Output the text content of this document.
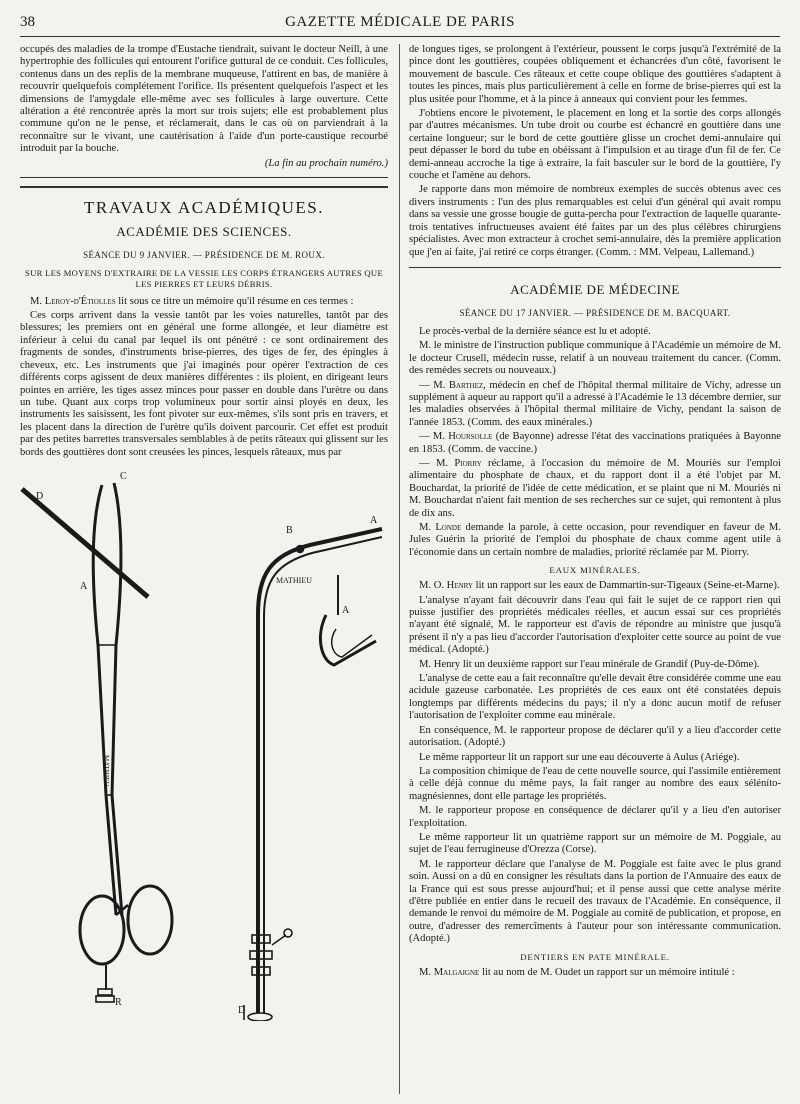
38	GAZETTE MÉDICALE DE PARIS

occupés des maladies de la trompe d'Eustache tiendrait, suivant le docteur Neill, à une hypertrophie des follicules qui entourent l'orifice guttural de ce conduit. Ces follicules, contenus dans un des replis de la membrane muqueuse, l'attirent en bas, de manière à recouvrir quelquefois complétement l'orifice. Ils présentent quelquefois l'aspect et les dimensions de l'amygdale elle-même avec ses follicules à large ouverture. Cette altération a été rencontrée après la mort sur trois sujets; elle est probablement plus commune qu'on ne le pense, et réclamerait, dans le cas où on parviendrait à la reconnaître sur le vivant, une cautérisation à l'aide d'un porte-caustique recourbé introduit par la bouche.

(La fin au prochain numéro.)
TRAVAUX ACADÉMIQUES.
ACADÉMIE DES SCIENCES.
SÉANCE DU 9 JANVIER. — PRÉSIDENCE DE M. ROUX.
SUR LES MOYENS D'EXTRAIRE DE LA VESSIE LES CORPS ÉTRANGERS AUTRES QUE LES PIERRES ET LEURS DÉBRIS.

M. Leroy-d'Étiolles lit sous ce titre un mémoire qu'il résume en ces termes :

Ces corps arrivent dans la vessie tantôt par les voies naturelles, tantôt par des blessures; les premiers ont en général une forme allongée, et leur diamètre est inférieur à celui du canal par lequel ils ont pénétré : ce sont ordinairement des fragments de sondes, d'instruments brise-pierres, des tiges de fer, des épingles à cheveux, etc. Les instruments que j'ai imaginés pour opérer l'extraction de ces différents corps agissent de deux manières différentes : ils ploient, en dirigeant leurs pointes en arrière, les tiges assez minces pour passer en double dans l'urètre ou dans un tube. Quant aux corps trop volumineux pour sortir ainsi ployés en deux, les instruments les saisissent, les font pivoter sur eux-mêmes, s'ils sont pris en travers, et les placent dans la direction de l'urètre qu'ils doivent parcourir. Cet effet est produit par des petites barrettes transversales semblables à de petits râteaux qui glissent sur les bords des gouttières dont sont creusées les pinces, lesquels râteaux, mus par

D
C
A
MATHIEU
R
B
A
MATHIEU
A
D

de longues tiges, se prolongent à l'extérieur, poussent le corps jusqu'à l'extrémité de la pince dont les gouttières, coupées obliquement et échancrées d'un côté, favorisent le mouvement de bascule. Ces râteaux et cette coupe oblique des gouttières s'adaptent à toutes les pinces, mais plus particulièrement à celle en forme de brise-pierres qui est la plus usitée pour l'homme, et à la pince à anneaux qui convient pour les femmes.

J'obtiens encore le pivotement, le placement en long et la sortie des corps allongés par d'autres mécanismes. Un tube droit ou courbe est échancré en gouttière dans une certaine longueur; sur le bord de cette gouttière glisse un crochet demi-annulaire qui peut dépasser le bord du tube en obéissant à l'impulsion et au tirage d'un fil de fer. Ce demi-anneau accroche la tige à extraire, la fait basculer sur le bord de la gouttière, l'y couche et l'amène au dehors.

Je rapporte dans mon mémoire de nombreux exemples de succès obtenus avec ces divers instruments : l'un des plus remarquables est celui d'un général qui avait rompu dans sa vessie une grosse bougie de gutta-percha pour l'extraction de laquelle quarante-trois tentatives infructueuses avaient été faites par un des plus célèbres chirurgiens spécialistes. Avec mon extracteur à crochet semi-annulaire, dès la première application que j'en ai faite, j'ai retiré ce corps étranger. (Comm. : MM. Velpeau, Lallemand.)

ACADÉMIE DE MÉDECINE
SÉANCE DU 17 JANVIER. — PRÉSIDENCE DE M. BACQUART.

Le procès-verbal de la dernière séance est lu et adopté.

M. le ministre de l'instruction publique communique à l'Académie un mémoire de M. le docteur Crusell, médecin russe, relatif à un nouveau traitement du cancer. (Comm. des remèdes secrets ou nouveaux.)

— M. Barthez, médecin en chef de l'hôpital thermal militaire de Vichy, adresse un supplément à aqueur au rapport qu'il a adressé à l'Académie le 13 décembre dernier, sur les maladies observées à l'hôpital thermal militaire de Vichy, pendant la saison de l'année 1853. (Comm. des eaux minérales.)

— M. Hoursolle (de Bayonne) adresse l'état des vaccinations pratiquées à Bayonne en 1853. (Comm. de vaccine.)

— M. Piorry réclame, à l'occasion du mémoire de M. Mouriès sur l'emploi alimentaire du phosphate de chaux, et du rapport dont il a été l'objet par M. Bouchardat, la priorité de l'idée de cette médication, et se plaint que ni M. Mouriès ni M. Bouchardat n'aient fait mention de ses recherches sur ce sujet, qui remontent à plus de dix ans.

M. Londe demande la parole, à cette occasion, pour revendiquer en faveur de M. Jules Guérin la priorité de l'emploi du phosphate de chaux comme agent utile à l'économie dans un certain nombre de maladies, priorité réclamée par M. Piorry.

EAUX MINÉRALES.

M. O. Henry lit un rapport sur les eaux de Dammartin-sur-Tigeaux (Seine-et-Marne).

L'analyse n'ayant fait découvrir dans l'eau qui fait le sujet de ce rapport rien qui puisse justifier des propriétés médicales réelles, et aucun essai sur ces propriétés n'ayant été signalé, M. le rapporteur est d'avis de répondre au ministre que jusqu'à présent il n'y a pas lieu d'accorder l'autorisation d'exploiter cette source au point de vue médical. (Adopté.)

M. Henry lit un deuxième rapport sur l'eau minérale de Grandif (Puy-de-Dôme).

L'analyse de cette eau a fait reconnaître qu'elle devait être considérée comme une eau acidule gazeuse carbonatée. Les propriétés de ces eaux ont été constatées depuis longtemps par différents médecins du pays; il n'y a donc aucun motif de refuser l'autorisation de l'exploiter comme eau minérale.

En conséquence, M. le rapporteur propose de déclarer qu'il y a lieu d'accorder cette autorisation. (Adopté.)

Le même rapporteur lit un rapport sur une eau découverte à Aulus (Ariége).

La composition chimique de l'eau de cette nouvelle source, qui l'assimile entièrement à celle déjà connue du même pays, la fait ranger au nombre des eaux séléníto-magnésiennes, dont elle partage les propriétés.

M. le rapporteur propose en conséquence de déclarer qu'il y a lieu d'en autoriser l'exploitation.

Le même rapporteur lit un quatrième rapport sur un mémoire de M. Poggiale, au sujet de l'eau ferrugineuse d'Orezza (Corse).

M. le rapporteur déclare que l'analyse de M. Poggiale est faite avec le plus grand soin. Aussi on a dû en consigner les résultats dans la portion de l'Annuaire des eaux de la France qui est sous presse aujourd'hui; et il pense aussi que cette analyse mérite d'être publiée en entier dans le recueil des travaux de l'Académie. En conséquence, il demande le renvoi du mémoire de M. Poggiale au comité de publication, et propose, en outre, d'adresser des remercîments à l'auteur pour son intéressante communication. (Adopté.)

DENTIERS EN PATE MINÉRALE.

M. Malgaigne lit au nom de M. Oudet un rapport sur un mémoire intitulé :
